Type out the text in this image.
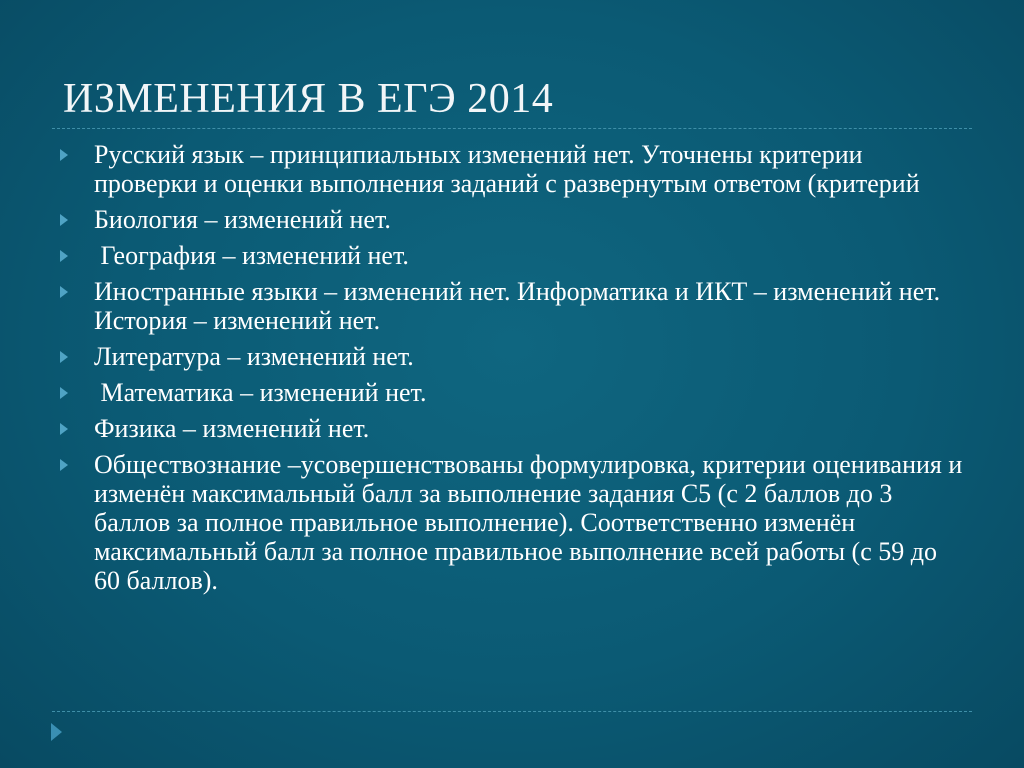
ИЗМЕНЕНИЯ В ЕГЭ 2014
Русский язык – принципиальных изменений нет. Уточнены критерии проверки и оценки выполнения заданий с развернутым ответом (критерий
Биология – изменений нет.
География – изменений нет.
Иностранные языки – изменений нет. Информатика и ИКТ – изменений нет. История – изменений нет.
Литература – изменений нет.
Математика – изменений нет.
Физика – изменений нет.
Обществознание –усовершенствованы формулировка, критерии оценивания и изменён максимальный балл за выполнение задания С5 (с 2 баллов до 3 баллов за полное правильное выполнение). Соответственно изменён максимальный балл за полное правильное выполнение всей работы (с 59 до 60 баллов).
